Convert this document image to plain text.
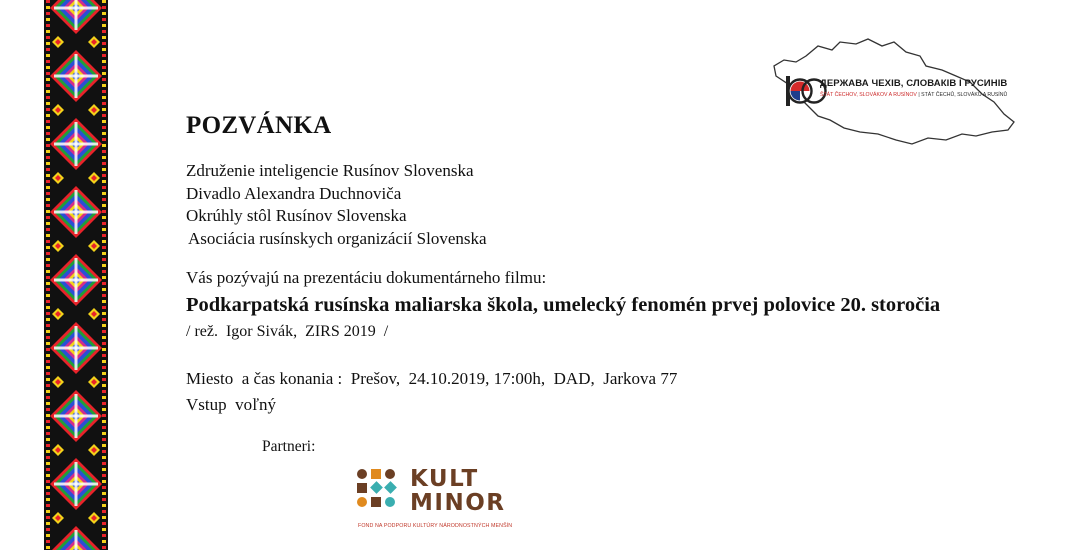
ДЕРЖАВА ЧЕХІВ, СЛОВАКІВ І РУСИНІВ
ŠTÁT ČECHOV, SLOVÁKOV A RUSÍNOV | STÁT ČECHŮ, SLOVÁKŮ A RUSÍNŮ
POZVÁNKA
Združenie inteligencie Rusínov Slovenska
Divadlo Alexandra Duchnoviča
Okrúhly stôl Rusínov Slovenska
Asociácia rusínskych organizácií Slovenska
Vás pozývajú na prezentáciu dokumentárneho filmu:
Podkarpatská rusínska maliarska škola, umelecký fenomén prvej polovice 20. storočia
/ rež.  Igor Sivák,  ZIRS 2019  /
Miesto  a čas konania :  Prešov,  24.10.2019, 17:00h,  DAD,  Jarkova 77
Vstup  voľný
Partneri:
KULT
MINOR
FOND NA PODPORU KULTÚRY NÁRODNOSTNÝCH MENŠÍN
